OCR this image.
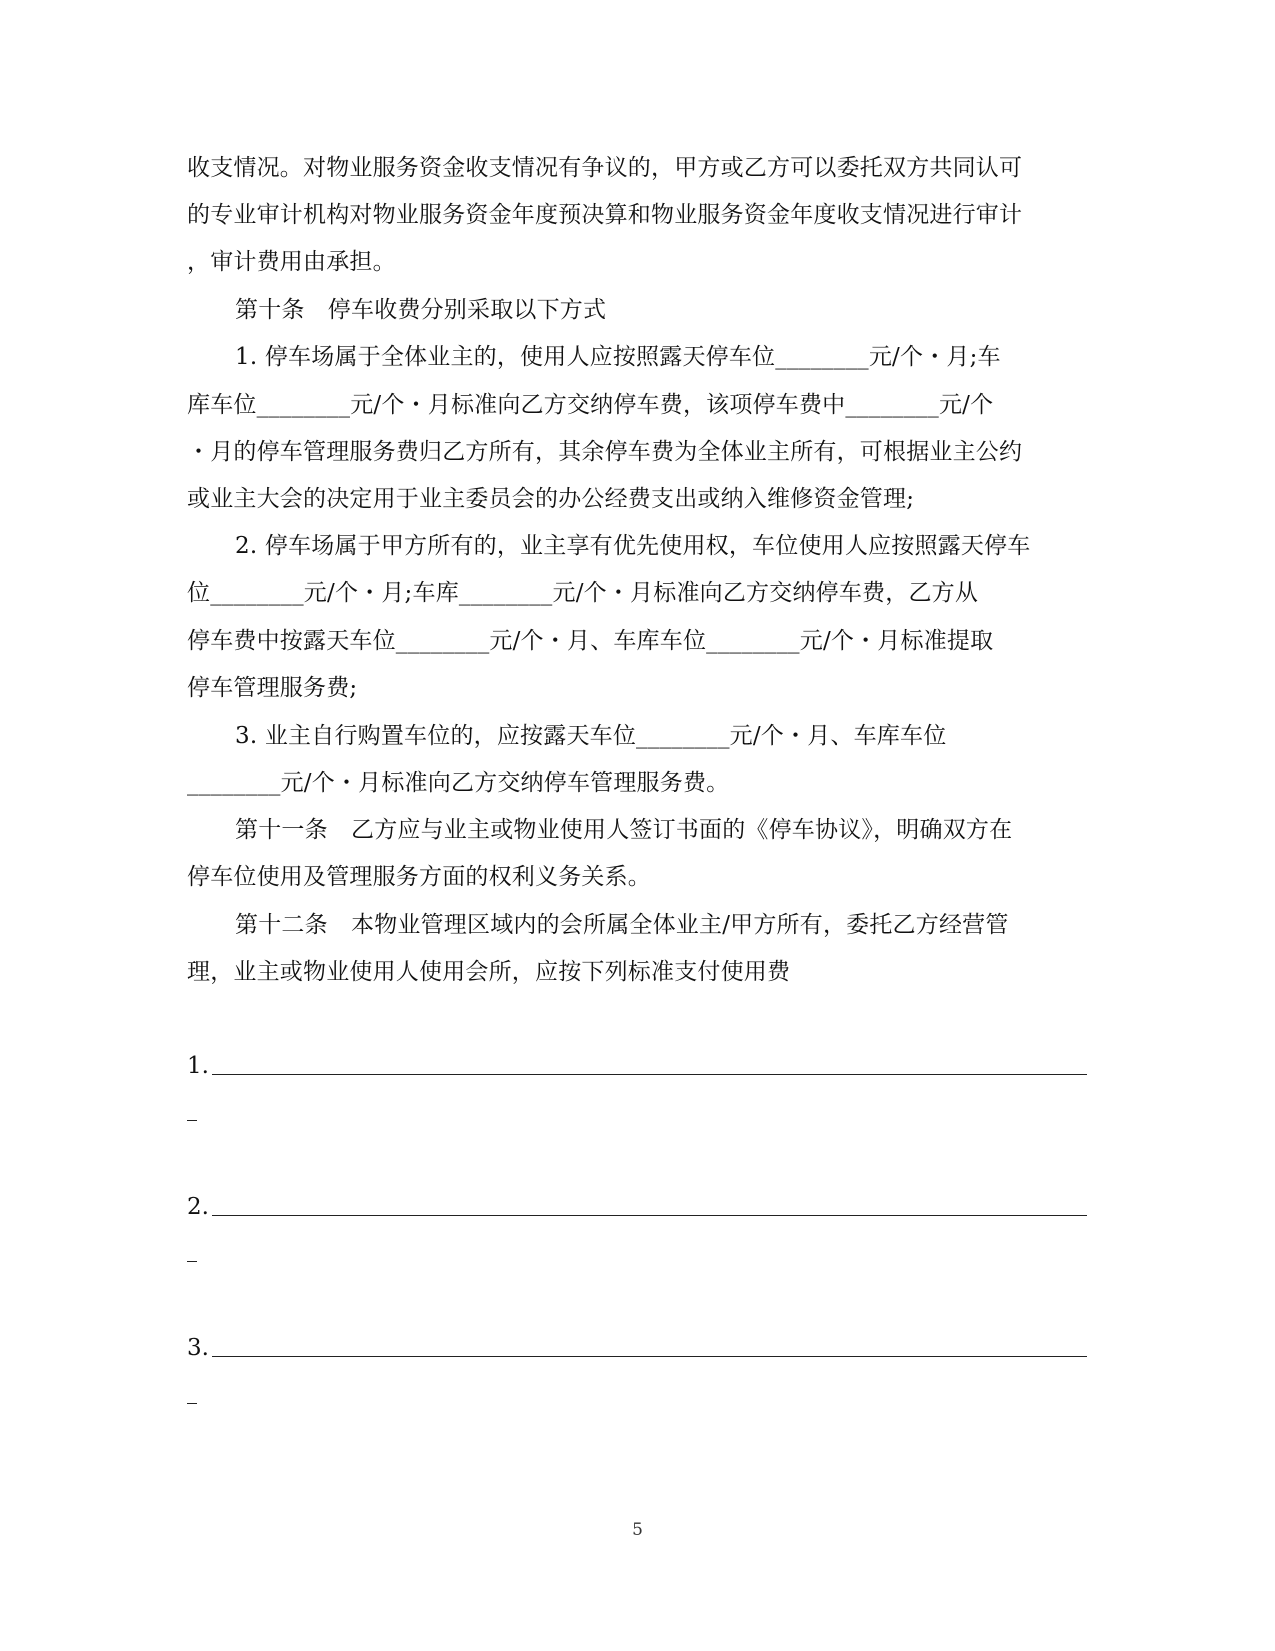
收支情况。对物业服务资金收支情况有争议的，甲方或乙方可以委托双方共同认可
的专业审计机构对物业服务资金年度预决算和物业服务资金年度收支情况进行审计
，审计费用由承担。
第十条　停车收费分别采取以下方式
1. 停车场属于全体业主的，使用人应按照露天停车位________元/个・月;车
库车位________元/个・月标准向乙方交纳停车费，该项停车费中________元/个
・月的停车管理服务费归乙方所有，其余停车费为全体业主所有，可根据业主公约
或业主大会的决定用于业主委员会的办公经费支出或纳入维修资金管理;
2. 停车场属于甲方所有的，业主享有优先使用权，车位使用人应按照露天停车
位________元/个・月;车库________元/个・月标准向乙方交纳停车费，乙方从
停车费中按露天车位________元/个・月、车库车位________元/个・月标准提取
停车管理服务费;
3. 业主自行购置车位的，应按露天车位________元/个・月、车库车位
________元/个・月标准向乙方交纳停车管理服务费。
第十一条　乙方应与业主或物业使用人签订书面的《停车协议》，明确双方在
停车位使用及管理服务方面的权利义务关系。
第十二条　本物业管理区域内的会所属全体业主/甲方所有，委托乙方经营管
理，业主或物业使用人使用会所，应按下列标准支付使用费
1.
2.
3.
5
